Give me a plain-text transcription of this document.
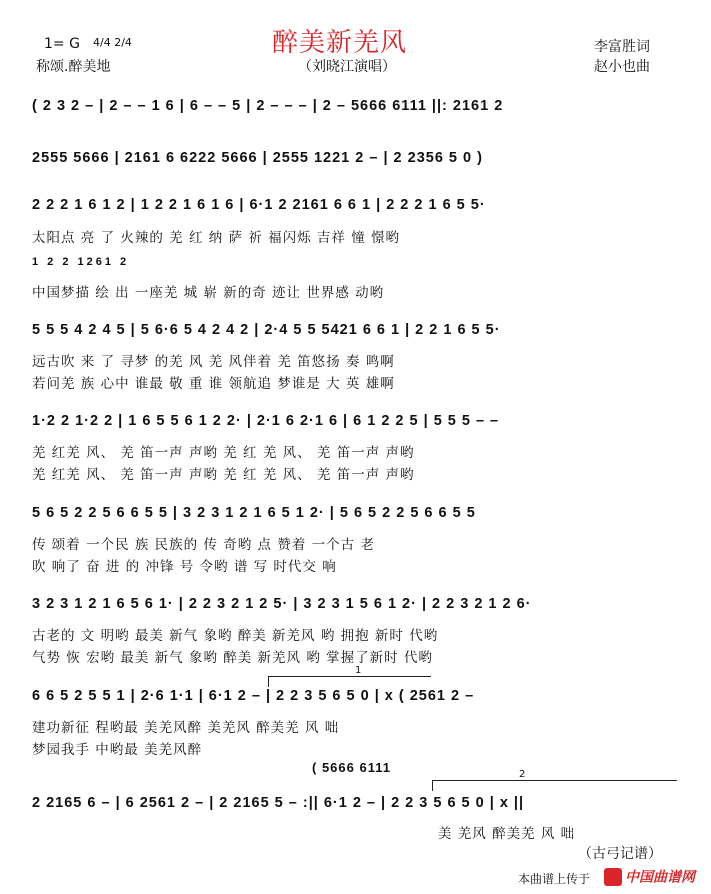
1= G 4/4 2/4
称颂.醉美地
醉美新羌风
（刘晓江演唱）
李富胜词
赵小也曲
( 2 3 2 – | 2 – – 1 6 | 6 – – 5 | 2 – – – | 2 – 5666 6111 ||: 2161 2
2555 5666 | 2161 6 6222 5666 | 2555 1221 2 – | 2 2356 5 0 )
2 2 2 1 6 1 2 | 1 2 2 1 6 1 6 | 6·1 2 2161 6 6 1 | 2 2 2 1 6 5 5·
太阳点 亮 了 火辣的 羌 红 纳 萨 祈 福闪烁 吉祥 憧 憬哟
1 2 2 1261 2
中国梦描 绘 出 一座羌 城 崭 新的奇 迹让 世界感 动哟
5 5 5 4 2 4 5 | 5 6·6 5 4 2 4 2 | 2·4 5 5 5421 6 6 1 | 2 2 1 6 5 5·
远古吹 来 了 寻梦 的羌 风 羌 风伴着 羌 笛悠扬 奏 鸣啊
若问羌 族 心中 谁最 敬 重 谁 领航追 梦谁是 大 英 雄啊
1·2 2 1·2 2 | 1 6 5 5 6 1 2 2· | 2·1 6 2·1 6 | 6 1 2 2 5 | 5 5 5 – –
羌 红羌 风、 羌 笛一声 声哟 羌 红 羌 风、 羌 笛一声 声哟
羌 红羌 风、 羌 笛一声 声哟 羌 红 羌 风、 羌 笛一声 声哟
5 6 5 2 2 5 6 6 5 5 | 3 2 3 1 2 1 6 5 1 2· | 5 6 5 2 2 5 6 6 5 5
传 颂着 一个民 族 民族的 传 奇哟 点 赞着 一个古 老
吹 响了 奋 进 的 冲锋 号 令哟 谱 写 时代交 响
3 2 3 1 2 1 6 5 6 1· | 2 2 3 2 1 2 5· | 3 2 3 1 5 6 1 2· | 2 2 3 2 1 2 6·
古老的 文 明哟 最美 新气 象哟 醉美 新羌风 哟 拥抱 新时 代哟
气势 恢 宏哟 最美 新气 象哟 醉美 新羌风 哟 掌握了新时 代哟
1
6 6 5 2 5 5 1 | 2·6 1·1 | 6·1 2 – | 2 2 3 5 6 5 0 | x ( 2561 2 –
建功新征 程哟最 美羌风醉 美羌风 醉美羌 风 咄
梦园我手 中哟最 美羌风醉
( 5666 6111	2
2 2165 6 – | 6 2561 2 – | 2 2165 5 – :|| 6·1 2 – | 2 2 3 5 6 5 0 | x ||
美 羌风 醉美羌 风 咄
（古弓记谱）
本曲谱上传于	中国曲谱网
